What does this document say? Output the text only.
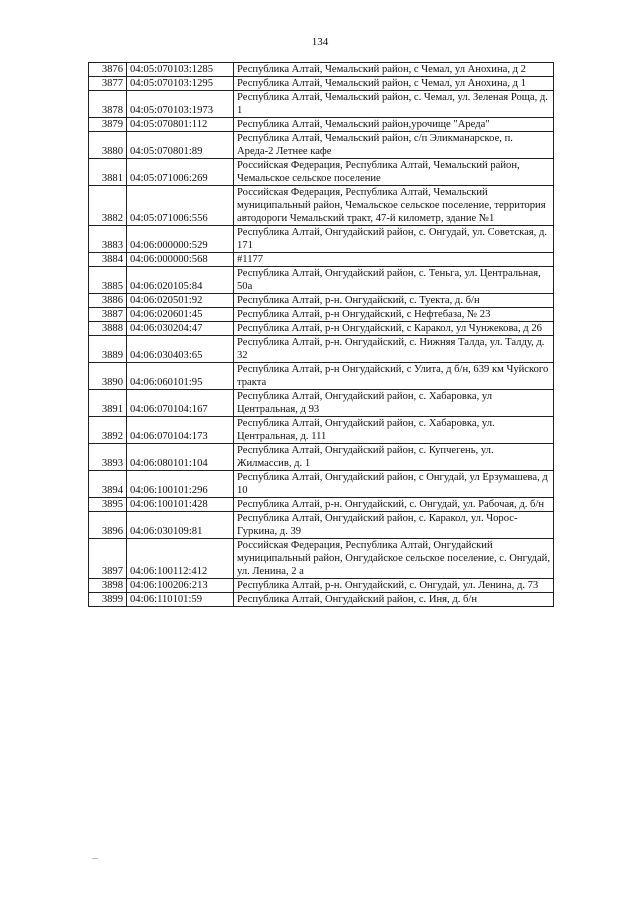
134
3876	04:05:070103:1285	Республика Алтай, Чемальский район, с Чемал, ул Анохина, д 2
3877	04:05:070103:1295	Республика Алтай, Чемальский район, с Чемал, ул Анохина, д 1
3878	04:05:070103:1973	Республика Алтай, Чемальский район, с. Чемал, ул. Зеленая Роща, д. 1
3879	04:05:070801:112	Республика Алтай, Чемальский район,урочище "Ареда"
3880	04:05:070801:89	Республика Алтай, Чемальский район, с/п Эликманарское, п. Ареда-2 Летнее кафе
3881	04:05:071006:269	Российская Федерация, Республика Алтай, Чемальский район, Чемальское сельское поселение
3882	04:05:071006:556	Российская Федерация, Республика Алтай, Чемальский муниципальный район, Чемальское сельское поселение, территория автодороги Чемальский тракт, 47-й километр, здание №1
3883	04:06:000000:529	Республика Алтай, Онгудайский район, с. Онгудай, ул. Советская, д. 171
3884	04:06:000000:568	#1177
3885	04:06:020105:84	Республика Алтай, Онгудайский район, с. Теньга, ул. Центральная, 50а
3886	04:06:020501:92	Республика Алтай, р-н. Онгудайский, с. Туекта, д. б/н
3887	04:06:020601:45	Республика Алтай, р-н Онгудайский, с Нефтебаза, № 23
3888	04:06:030204:47	Республика Алтай, р-н Онгудайский, с Каракол, ул Чунжекова, д 26
3889	04:06:030403:65	Республика Алтай, р-н. Онгудайский, с. Нижняя Талда, ул. Талду, д. 32
3890	04:06:060101:95	Республика Алтай, р-н Онгудайский, с Улита, д б/н, 639 км Чуйского тракта
3891	04:06:070104:167	Республика Алтай, Онгудайский район, с. Хабаровка, ул Центральная, д 93
3892	04:06:070104:173	Республика Алтай, Онгудайский район, с. Хабаровка, ул. Центральная, д. 111
3893	04:06:080101:104	Республика Алтай, Онгудайский район, с. Купчегень, ул. Жилмассив, д. 1
3894	04:06:100101:296	Республика Алтай, Онгудайский район, с Онгудай, ул Ерзумашева, д 10
3895	04:06:100101:428	Республика Алтай, р-н. Онгудайский, с. Онгудай, ул. Рабочая, д. б/н
3896	04:06:030109:81	Республика Алтай, Онгудайский район, с. Каракол, ул. Чорос-Гуркина, д. 39
3897	04:06:100112:412	Российская Федерация, Республика Алтай, Онгудайский муниципальный район, Онгудайское сельское поселение, с. Онгудай, ул. Ленина, 2 а
3898	04:06:100206:213	Республика Алтай, р-н. Онгудайский, с. Онгудай, ул. Ленина, д. 73
3899	04:06:110101:59	Республика Алтай, Онгудайский район, с. Иня, д. б/н
